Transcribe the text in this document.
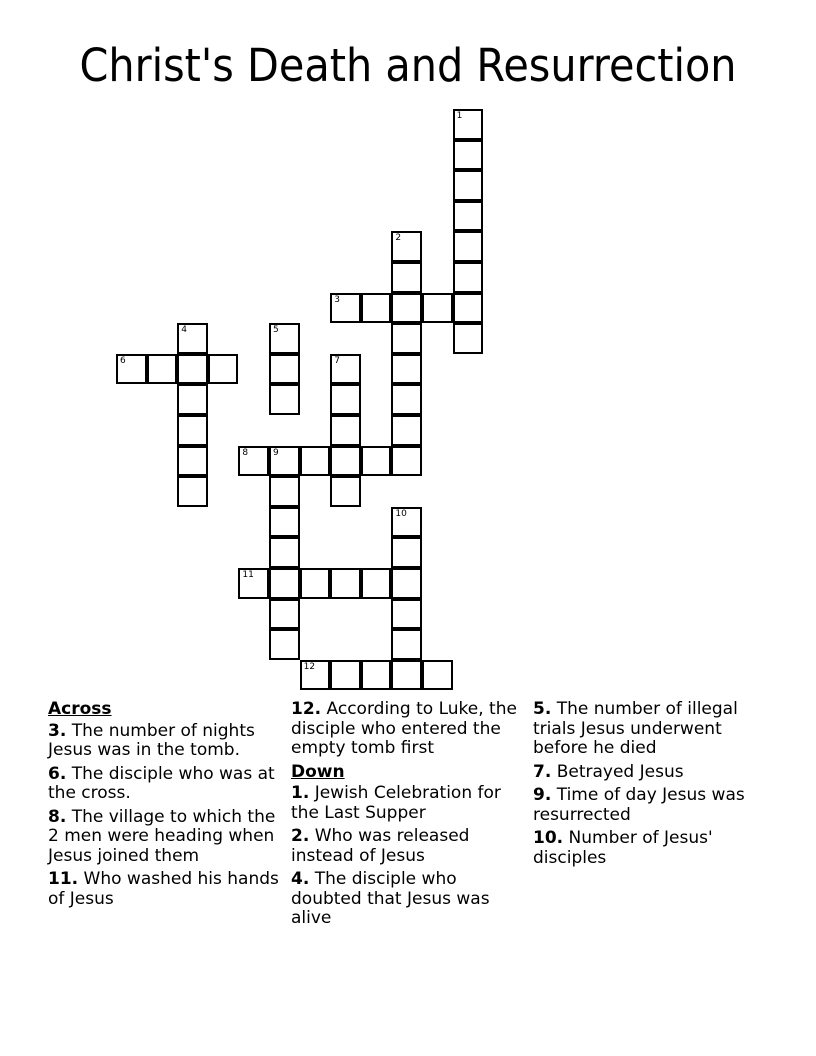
Christ's Death and Resurrection
1
2
3
4	5
6	7
8	9
10
11
12
Across
3. The number of nights Jesus was in the tomb.
6. The disciple who was at the cross.
8. The village to which the 2 men were heading when Jesus joined them
11. Who washed his hands of Jesus
12. According to Luke, the disciple who entered the empty tomb first
Down
1. Jewish Celebration for the Last Supper
2. Who was released instead of Jesus
4. The disciple who doubted that Jesus was alive
5. The number of illegal trials Jesus underwent before he died
7. Betrayed Jesus
9. Time of day Jesus was resurrected
10. Number of Jesus' disciples
